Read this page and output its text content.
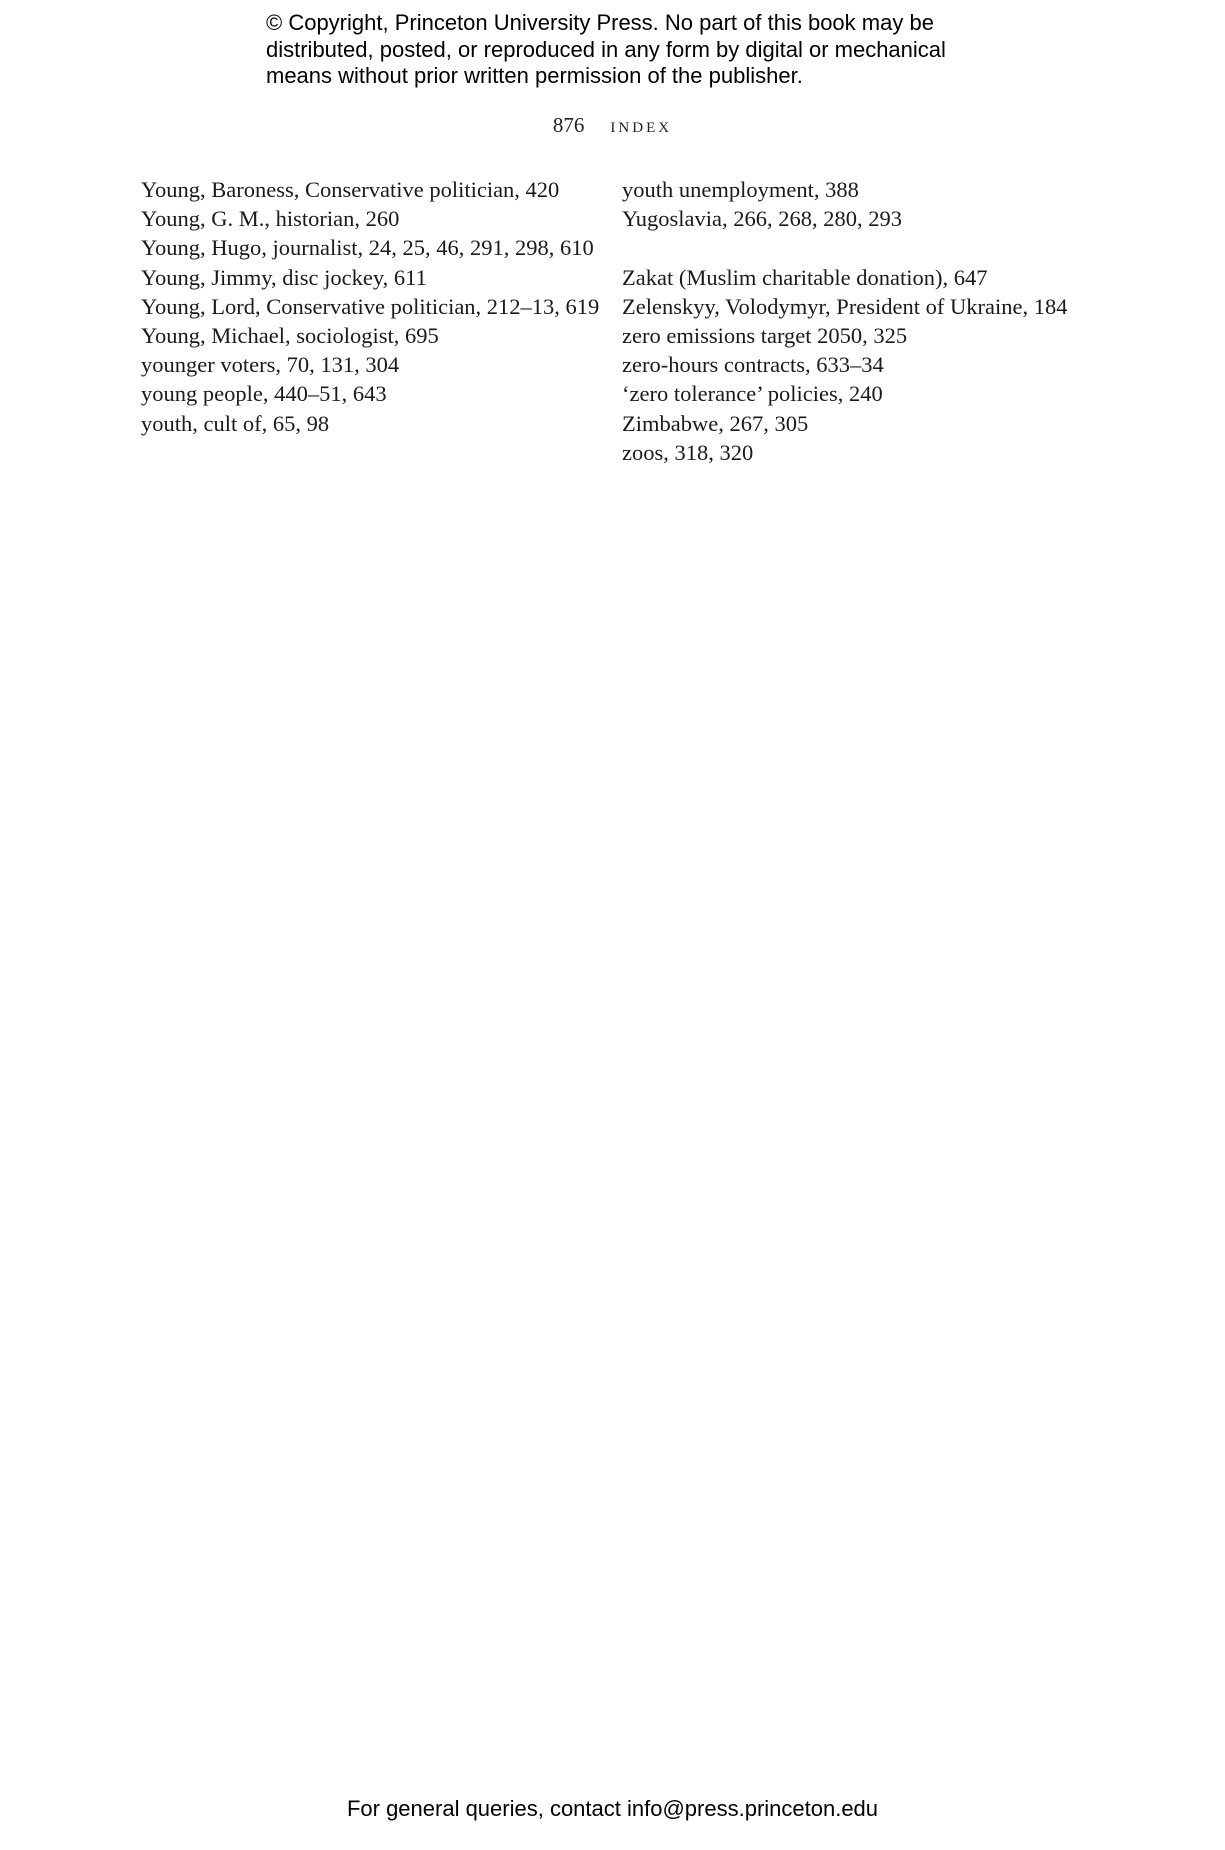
© Copyright, Princeton University Press. No part of this book may be
distributed, posted, or reproduced in any form by digital or mechanical
means without prior written permission of the publisher.
876 index
Young, Baroness, Conservative politician, 420
Young, G. M., historian, 260
Young, Hugo, journalist, 24, 25, 46, 291, 298, 610
Young, Jimmy, disc jockey, 611
Young, Lord, Conservative politician, 212–13, 619
Young, Michael, sociologist, 695
younger voters, 70, 131, 304
young people, 440–51, 643
youth, cult of, 65, 98
youth unemployment, 388
Yugoslavia, 266, 268, 280, 293
Zakat (Muslim charitable donation), 647
Zelenskyy, Volodymyr, President of Ukraine, 184
zero emissions target 2050, 325
zero-hours contracts, 633–34
‘zero tolerance’ policies, 240
Zimbabwe, 267, 305
zoos, 318, 320
For general queries, contact info@press.princeton.edu
